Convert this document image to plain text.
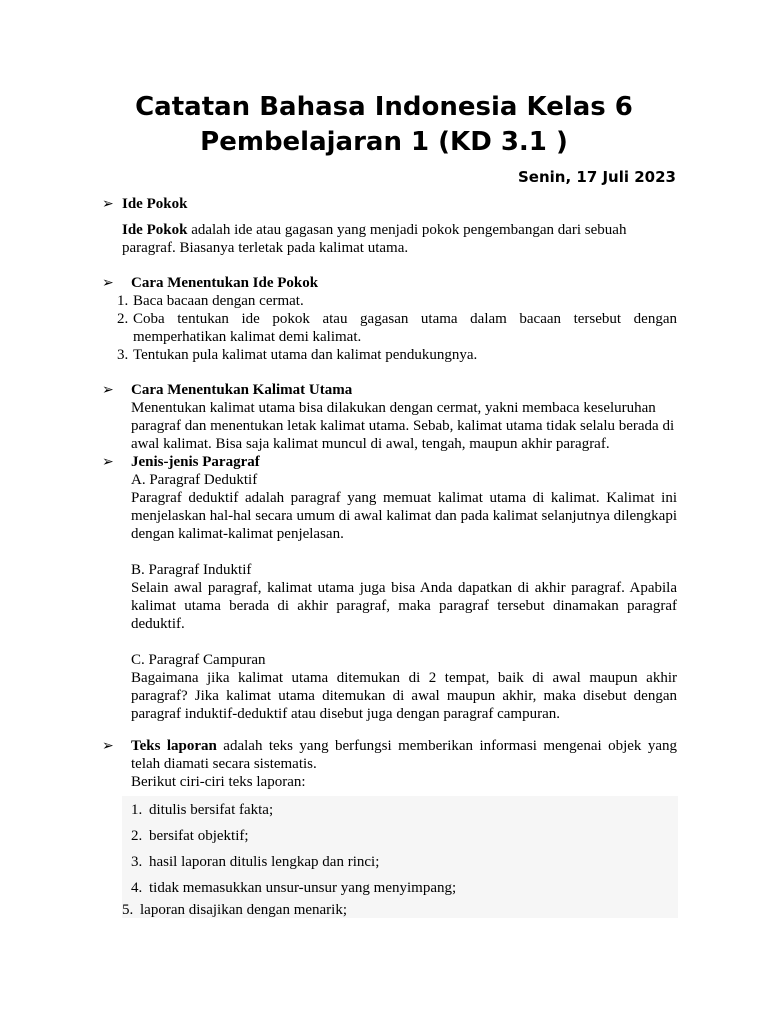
Catatan Bahasa Indonesia Kelas 6
Pembelajaran 1 (KD 3.1 )
Senin, 17 Juli 2023
➢ Ide Pokok
Ide Pokok adalah ide atau gagasan yang menjadi pokok pengembangan dari sebuah paragraf. Biasanya terletak pada kalimat utama.
➢ Cara Menentukan Ide Pokok
1. Baca bacaan dengan cermat.
2. Coba tentukan ide pokok atau gagasan utama dalam bacaan tersebut dengan memperhatikan kalimat demi kalimat.
3. Tentukan pula kalimat utama dan kalimat pendukungnya.
➢ Cara Menentukan Kalimat Utama
Menentukan kalimat utama bisa dilakukan dengan cermat, yakni membaca keseluruhan paragraf dan menentukan letak kalimat utama. Sebab, kalimat utama tidak selalu berada di awal kalimat. Bisa saja kalimat muncul di awal, tengah, maupun akhir paragraf.
➢ Jenis-jenis Paragraf
A. Paragraf Deduktif
Paragraf deduktif adalah paragraf yang memuat kalimat utama di kalimat. Kalimat ini menjelaskan hal-hal secara umum di awal kalimat dan pada kalimat selanjutnya dilengkapi dengan kalimat-kalimat penjelasan.
B. Paragraf Induktif
Selain awal paragraf, kalimat utama juga bisa Anda dapatkan di akhir paragraf. Apabila kalimat utama berada di akhir paragraf, maka paragraf tersebut dinamakan paragraf deduktif.
C. Paragraf Campuran
Bagaimana jika kalimat utama ditemukan di 2 tempat, baik di awal maupun akhir paragraf? Jika kalimat utama ditemukan di awal maupun akhir, maka disebut dengan paragraf induktif-deduktif atau disebut juga dengan paragraf campuran.
➢ Teks laporan adalah teks yang berfungsi memberikan informasi mengenai objek yang telah diamati secara sistematis.
Berikut ciri-ciri teks laporan:
1. ditulis bersifat fakta;
2. bersifat objektif;
3. hasil laporan ditulis lengkap dan rinci;
4. tidak memasukkan unsur-unsur yang menyimpang;
5. laporan disajikan dengan menarik;
